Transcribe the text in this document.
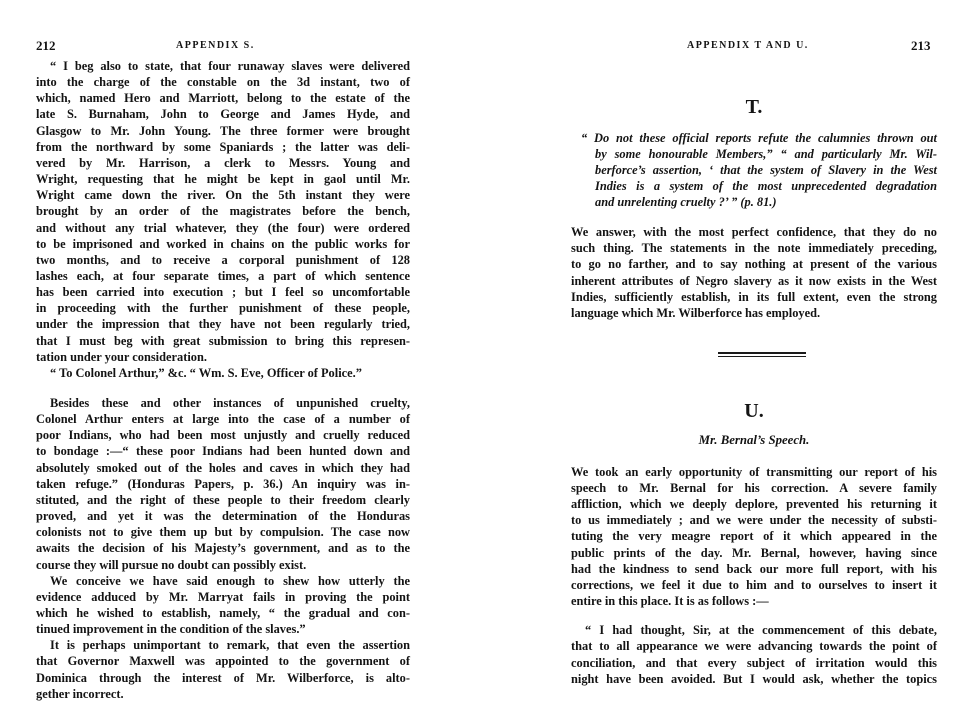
212	APPENDIX S.
“ I beg also to state, that four runaway slaves were delivered
into the charge of the constable on the 3d instant, two of
which, named Hero and Marriott, belong to the estate of the
late S. Burnaham, John to George and James Hyde, and
Glasgow to Mr. John Young. The three former were brought
from the northward by some Spaniards ; the latter was deli-
vered by Mr. Harrison, a clerk to Messrs. Young and
Wright, requesting that he might be kept in gaol until Mr.
Wright came down the river. On the 5th instant they were
brought by an order of the magistrates before the bench,
and without any trial whatever, they (the four) were ordered
to be imprisoned and worked in chains on the public works for
two months, and to receive a corporal punishment of 128
lashes each, at four separate times, a part of which sentence
has been carried into execution ; but I feel so uncomfortable
in proceeding with the further punishment of these people,
under the impression that they have not been regularly tried,
that I must beg with great submission to bring this represen-
tation under your consideration.
“ To Colonel Arthur,” &c. “ Wm. S. Eve, Officer of Police.”
Besides these and other instances of unpunished cruelty,
Colonel Arthur enters at large into the case of a number of
poor Indians, who had been most unjustly and cruelly reduced
to bondage :—“ these poor Indians had been hunted down and
absolutely smoked out of the holes and caves in which they had
taken refuge.” (Honduras Papers, p. 36.) An inquiry was in-
stituted, and the right of these people to their freedom clearly
proved, and yet it was the determination of the Honduras
colonists not to give them up but by compulsion. The case now
awaits the decision of his Majesty’s government, and as to the
course they will pursue no doubt can possibly exist.
We conceive we have said enough to shew how utterly the
evidence adduced by Mr. Marryat fails in proving the point
which he wished to establish, namely, “ the gradual and con-
tinued improvement in the condition of the slaves.”
It is perhaps unimportant to remark, that even the assertion
that Governor Maxwell was appointed to the government of
Dominica through the interest of Mr. Wilberforce, is alto-
gether incorrect.
APPENDIX T AND U.	213
T.
“ Do not these official reports refute the calumnies thrown out
by some honourable Members,” “ and particularly Mr. Wil-
berforce’s assertion, ‘ that the system of Slavery in the West
Indies is a system of the most unprecedented degradation
and unrelenting cruelty ?’ ” (p. 81.)
We answer, with the most perfect confidence, that they do no
such thing. The statements in the note immediately preceding,
to go no farther, and to say nothing at present of the various
inherent attributes of Negro slavery as it now exists in the West
Indies, sufficiently establish, in its full extent, even the strong
language which Mr. Wilberforce has employed.
U.
Mr. Bernal’s Speech.
We took an early opportunity of transmitting our report of his
speech to Mr. Bernal for his correction. A severe family
affliction, which we deeply deplore, prevented his returning it
to us immediately ; and we were under the necessity of substi-
tuting the very meagre report of it which appeared in the
public prints of the day. Mr. Bernal, however, having since
had the kindness to send back our more full report, with his
corrections, we feel it due to him and to ourselves to insert it
entire in this place. It is as follows :—
“ I had thought, Sir, at the commencement of this debate,
that to all appearance we were advancing towards the point of
conciliation, and that every subject of irritation would this
night have been avoided. But I would ask, whether the topics
